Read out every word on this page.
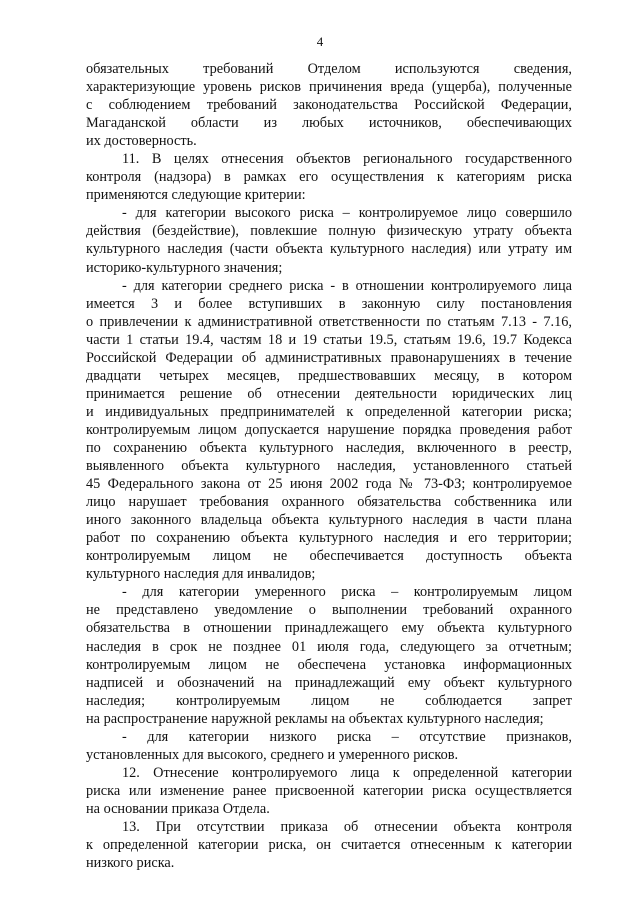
4
обязательных требований Отделом используются сведения,
характеризующие уровень рисков причинения вреда (ущерба), полученные
с соблюдением требований законодательства Российской Федерации,
Магаданской области из любых источников, обеспечивающих
их достоверность.
11. В целях отнесения объектов регионального государственного
контроля (надзора) в рамках его осуществления к категориям риска
применяются следующие критерии:
- для категории высокого риска – контролируемое лицо совершило
действия (бездействие), повлекшие полную физическую утрату объекта
культурного наследия (части объекта культурного наследия) или утрату им
историко-культурного значения;
- для категории среднего риска - в отношении контролируемого лица
имеется 3 и более вступивших в законную силу постановления
о привлечении к административной ответственности по статьям 7.13 - 7.16,
части 1 статьи 19.4, частям 18 и 19 статьи 19.5, статьям 19.6, 19.7 Кодекса
Российской Федерации об административных правонарушениях в течение
двадцати четырех месяцев, предшествовавших месяцу, в котором
принимается решение об отнесении деятельности юридических лиц
и индивидуальных предпринимателей к определенной категории риска;
контролируемым лицом допускается нарушение порядка проведения работ
по сохранению объекта культурного наследия, включенного в реестр,
выявленного объекта культурного наследия, установленного статьей
45 Федерального закона от 25 июня 2002 года № 73-ФЗ; контролируемое
лицо нарушает требования охранного обязательства собственника или
иного законного владельца объекта культурного наследия в части плана
работ по сохранению объекта культурного наследия и его территории;
контролируемым лицом не обеспечивается доступность объекта
культурного наследия для инвалидов;
- для категории умеренного риска – контролируемым лицом
не представлено уведомление о выполнении требований охранного
обязательства в отношении принадлежащего ему объекта культурного
наследия в срок не позднее 01 июля года, следующего за отчетным;
контролируемым лицом не обеспечена установка информационных
надписей и обозначений на принадлежащий ему объект культурного
наследия; контролируемым лицом не соблюдается запрет
на распространение наружной рекламы на объектах культурного наследия;
- для категории низкого риска – отсутствие признаков,
установленных для высокого, среднего и умеренного рисков.
12. Отнесение контролируемого лица к определенной категории
риска или изменение ранее присвоенной категории риска осуществляется
на основании приказа Отдела.
13. При отсутствии приказа об отнесении объекта контроля
к определенной категории риска, он считается отнесенным к категории
низкого риска.
